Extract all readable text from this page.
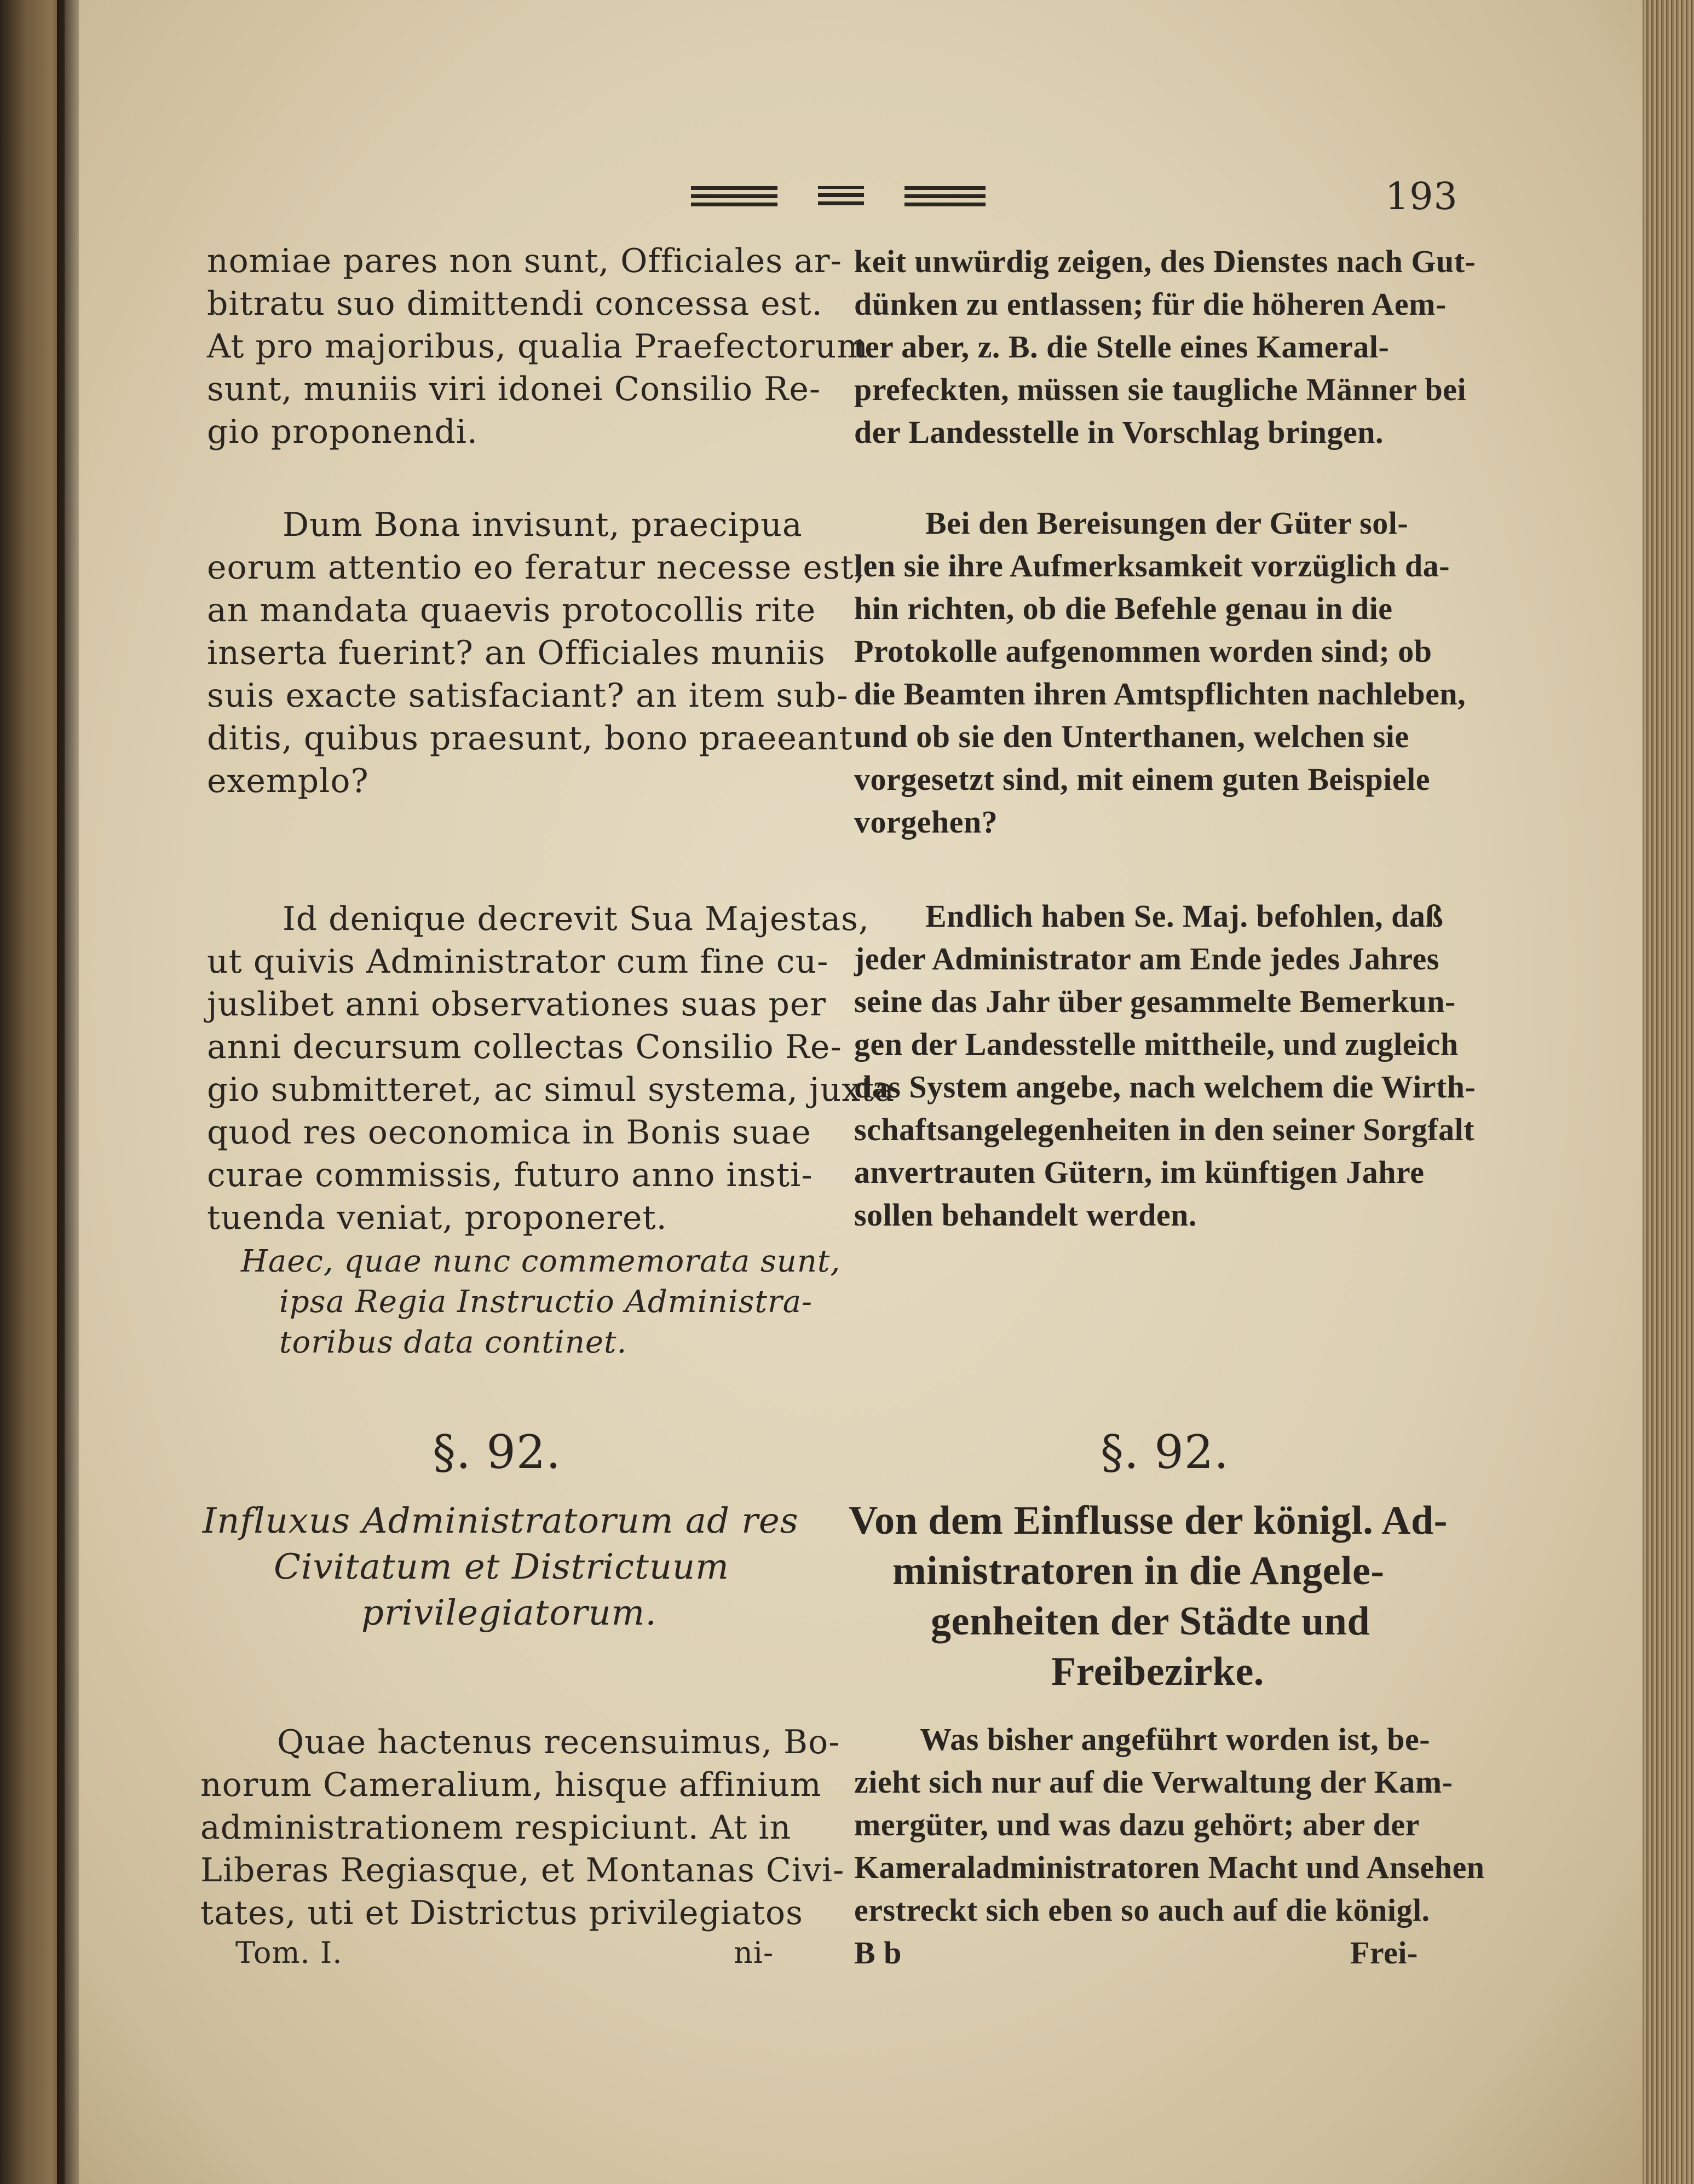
193
nomiae pares non sunt, Officiales ar-
bitratu suo dimittendi concessa est.
At pro majoribus, qualia Praefectorum
sunt, muniis viri idonei Consilio Re-
gio proponendi.
Dum Bona invisunt, praecipua
eorum attentio eo feratur necesse est,
an mandata quaevis protocollis rite
inserta fuerint? an Officiales muniis
suis exacte satisfaciant? an item sub-
ditis, quibus praesunt, bono praeeant
exemplo?
Id denique decrevit Sua Majestas,
ut quivis Administrator cum fine cu-
juslibet anni observationes suas per
anni decursum collectas Consilio Re-
gio submitteret, ac simul systema, juxta
quod res oeconomica in Bonis suae
curae commissis, futuro anno insti-
tuenda veniat, proponeret.
Haec, quae nunc commemorata sunt,
ipsa Regia Instructio Administra-
toribus data continet.
§. 92.
Influxus Administratorum ad res
Civitatum et Districtuum
privilegiatorum.
Quae hactenus recensuimus, Bo-
norum Cameralium, hisque affinium
administrationem respiciunt. At in
Liberas Regiasque, et Montanas Civi-
tates, uti et Districtus privilegiatos
Tom. I.	ni-
keit unwürdig zeigen, des Dienstes nach Gut-
dünken zu entlassen; für die höheren Aem-
ter aber, z. B. die Stelle eines Kameral-
prefeckten, müssen sie taugliche Männer bei
der Landesstelle in Vorschlag bringen.
Bei den Bereisungen der Güter sol-
len sie ihre Aufmerksamkeit vorzüglich da-
hin richten, ob die Befehle genau in die
Protokolle aufgenommen worden sind; ob
die Beamten ihren Amtspflichten nachleben,
und ob sie den Unterthanen, welchen sie
vorgesetzt sind, mit einem guten Beispiele
vorgehen?
Endlich haben Se. Maj. befohlen, daß
jeder Administrator am Ende jedes Jahres
seine das Jahr über gesammelte Bemerkun-
gen der Landesstelle mittheile, und zugleich
das System angebe, nach welchem die Wirth-
schaftsangelegenheiten in den seiner Sorgfalt
anvertrauten Gütern, im künftigen Jahre
sollen behandelt werden.
§. 92.
Von dem Einflusse der königl. Ad-
ministratoren in die Angele-
genheiten der Städte und
Freibezirke.
Was bisher angeführt worden ist, be-
zieht sich nur auf die Verwaltung der Kam-
mergüter, und was dazu gehört; aber der
Kameraladministratoren Macht und Ansehen
erstreckt sich eben so auch auf die königl.
B b	Frei-
